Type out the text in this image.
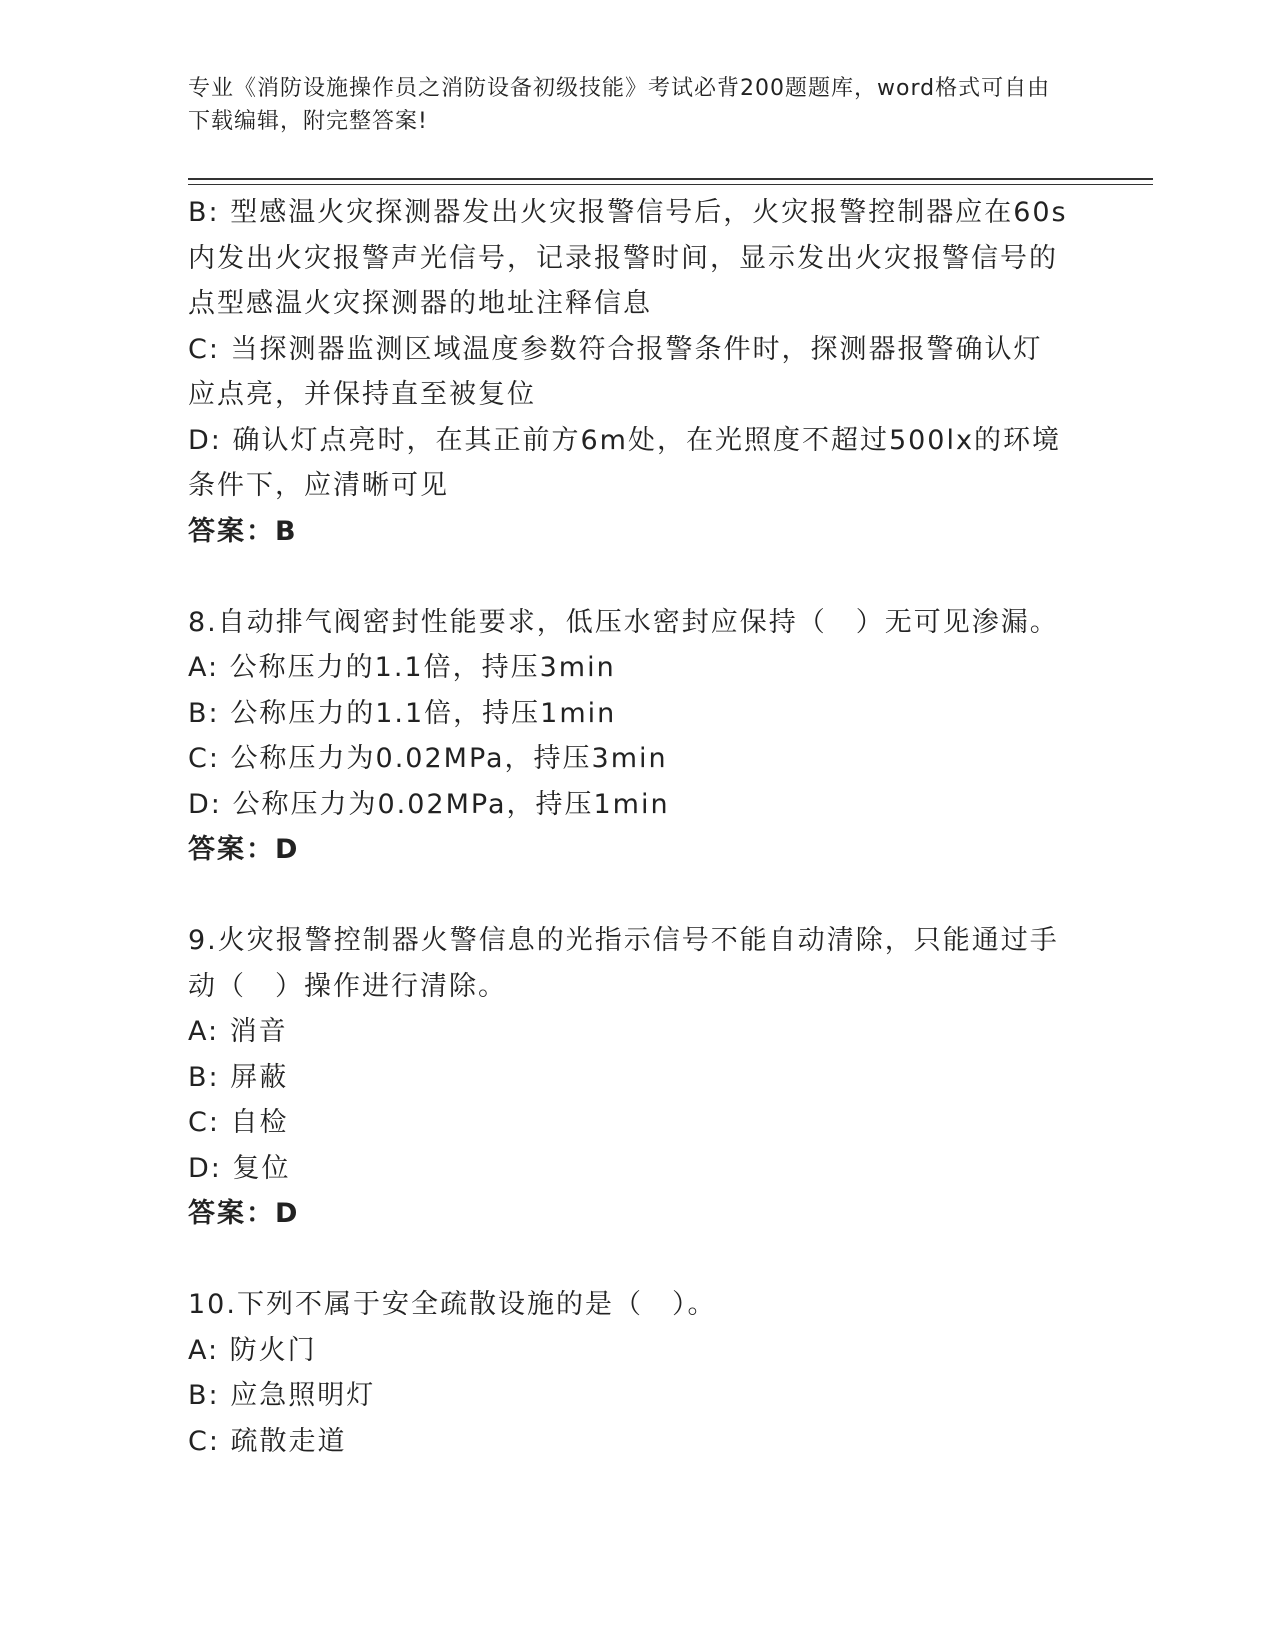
专业《消防设施操作员之消防设备初级技能》考试必背200题题库，word格式可自由下载编辑，附完整答案!

B: 型感温火灾探测器发出火灾报警信号后，火灾报警控制器应在60s内发出火灾报警声光信号，记录报警时间，显示发出火灾报警信号的点型感温火灾探测器的地址注释信息

C: 当探测器监测区域温度参数符合报警条件时，探测器报警确认灯应点亮，并保持直至被复位

D: 确认灯点亮时，在其正前方6m处，在光照度不超过500lx的环境条件下，应清晰可见

答案：B

8.自动排气阀密封性能要求，低压水密封应保持（　）无可见渗漏。

A: 公称压力的1.1倍，持压3min

B: 公称压力的1.1倍，持压1min

C: 公称压力为0.02MPa，持压3min

D: 公称压力为0.02MPa，持压1min

答案：D

9.火灾报警控制器火警信息的光指示信号不能自动清除，只能通过手动（　）操作进行清除。

A: 消音

B: 屏蔽

C: 自检

D: 复位

答案：D

10.下列不属于安全疏散设施的是（　）。

A: 防火门

B: 应急照明灯

C: 疏散走道
